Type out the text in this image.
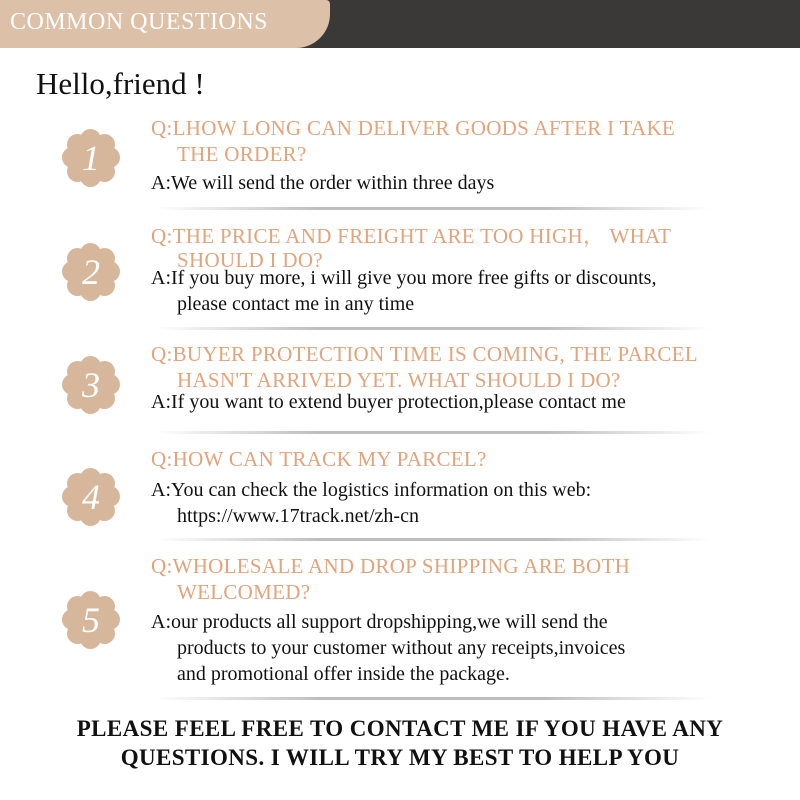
COMMON QUESTIONS
Hello,friend !
1
Q:LHOW LONG CAN DELIVER GOODS AFTER I TAKE
THE ORDER?
A:We will send the order within three days
2
Q:THE PRICE AND FREIGHT ARE TOO HIGH， WHAT
SHOULD I DO?
A:If you buy more, i will give you more free gifts or discounts,
please contact me in any time
3
Q:BUYER PROTECTION TIME IS COMING, THE PARCEL
HASN'T ARRIVED YET. WHAT SHOULD I DO?
A:If you want to extend buyer protection,please contact me
4
Q:HOW CAN TRACK MY PARCEL?
A:You can check the logistics information on this web:
https://www.17track.net/zh-cn
5
Q:WHOLESALE AND DROP SHIPPING ARE BOTH
WELCOMED?
A:our products all support dropshipping,we will send the
products to your customer without any receipts,invoices
and promotional offer inside the package.
PLEASE FEEL FREE TO CONTACT ME IF YOU HAVE ANY
QUESTIONS. I WILL TRY MY BEST TO HELP YOU
